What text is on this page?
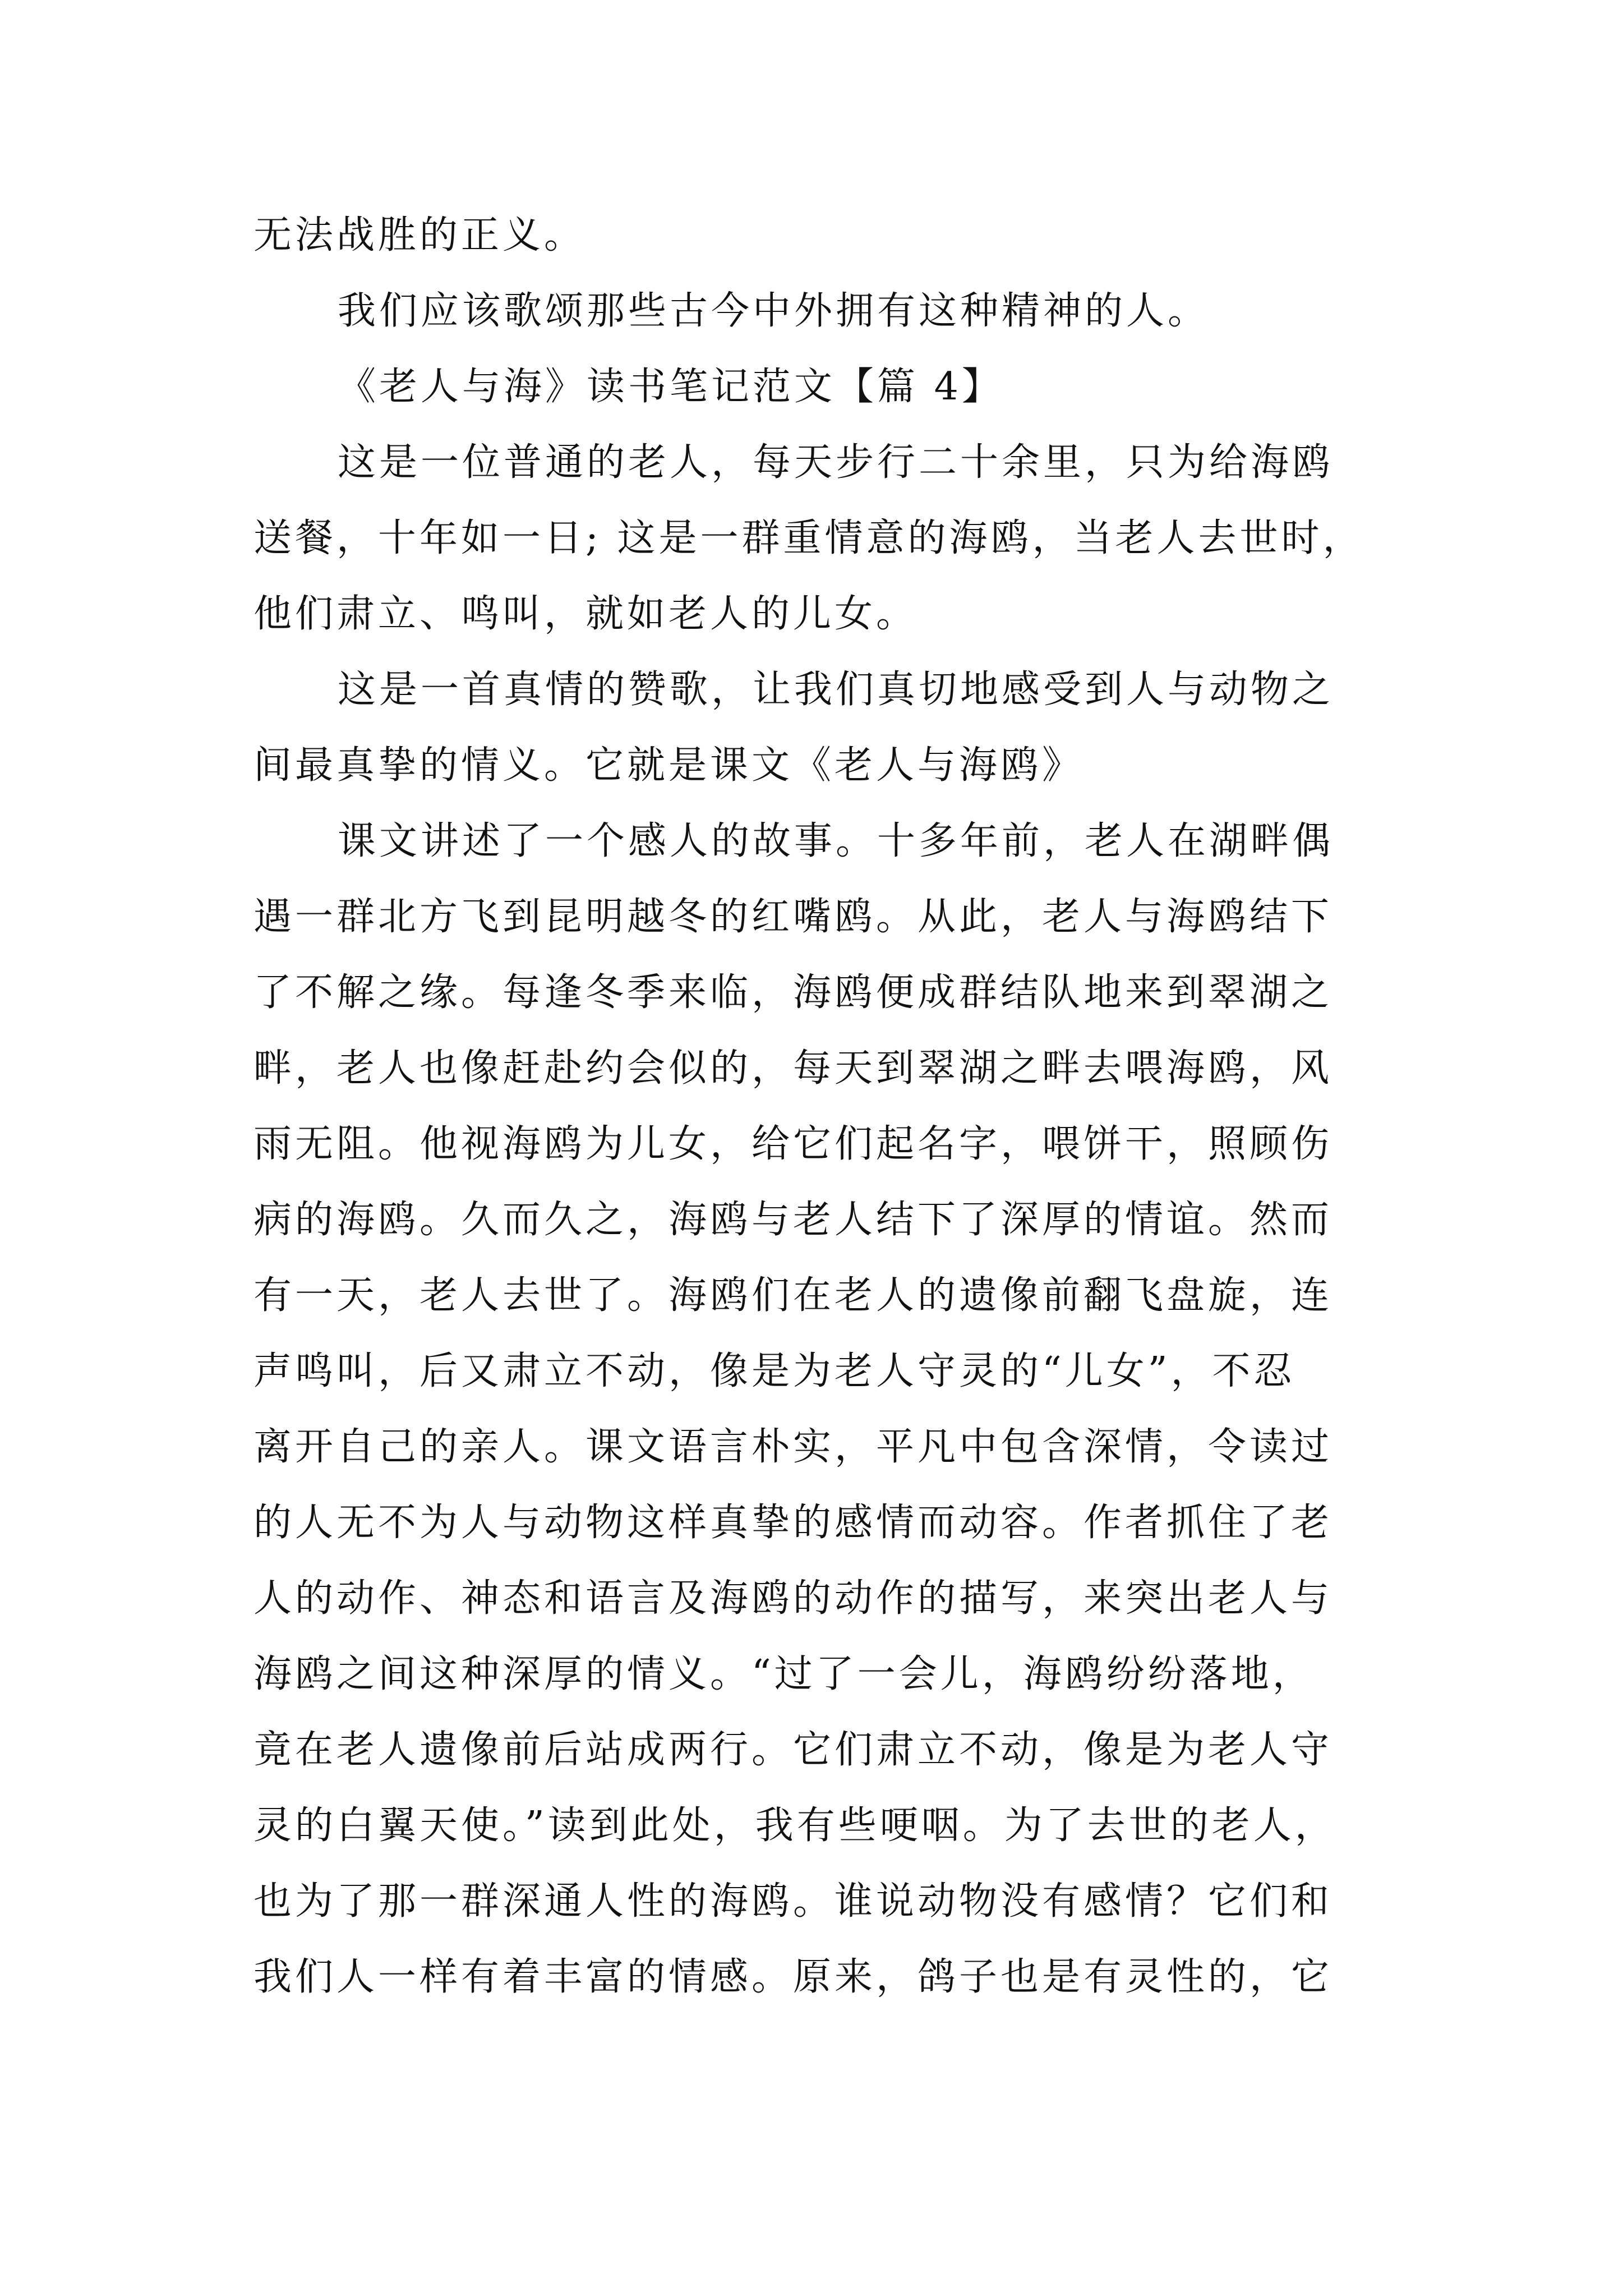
无法战胜的正义。
我们应该歌颂那些古今中外拥有这种精神的人。
《老人与海》读书笔记范文【篇 4】
这是一位普通的老人，每天步行二十余里，只为给海鸥
送餐，十年如一日; 这是一群重情意的海鸥，当老人去世时，
他们肃立、鸣叫，就如老人的儿女。
这是一首真情的赞歌，让我们真切地感受到人与动物之
间最真挚的情义。它就是课文《老人与海鸥》
课文讲述了一个感人的故事。十多年前，老人在湖畔偶
遇一群北方飞到昆明越冬的红嘴鸥。从此，老人与海鸥结下
了不解之缘。每逢冬季来临，海鸥便成群结队地来到翠湖之
畔，老人也像赶赴约会似的，每天到翠湖之畔去喂海鸥，风
雨无阻。他视海鸥为儿女，给它们起名字，喂饼干，照顾伤
病的海鸥。久而久之，海鸥与老人结下了深厚的情谊。然而
有一天，老人去世了。海鸥们在老人的遗像前翻飞盘旋，连
声鸣叫，后又肃立不动，像是为老人守灵的“儿女”，不忍
离开自己的亲人。课文语言朴实，平凡中包含深情，令读过
的人无不为人与动物这样真挚的感情而动容。作者抓住了老
人的动作、神态和语言及海鸥的动作的描写，来突出老人与
海鸥之间这种深厚的情义。“过了一会儿，海鸥纷纷落地，
竟在老人遗像前后站成两行。它们肃立不动，像是为老人守
灵的白翼天使。”读到此处，我有些哽咽。为了去世的老人，
也为了那一群深通人性的海鸥。谁说动物没有感情？它们和
我们人一样有着丰富的情感。原来，鸽子也是有灵性的，它
